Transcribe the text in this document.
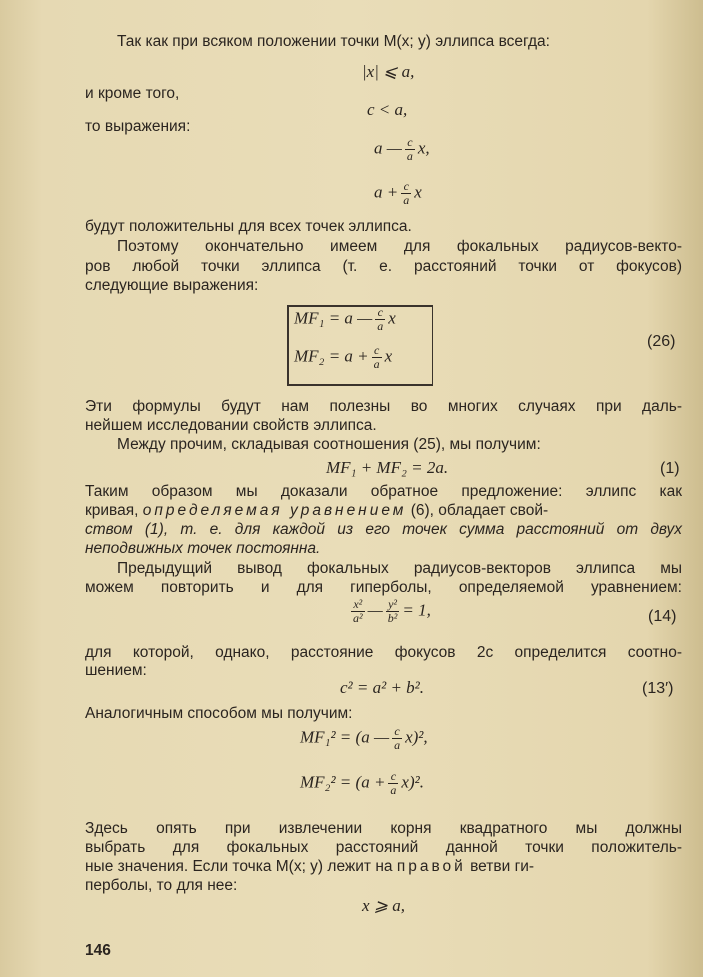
Так как при всяком положении точки М(x; y) эллипса всегда:
|x| ⩽ a,
и кроме того,
c < a,
то выражения:
a — $\frac{c}{a} x$,
$a + \frac{c}{a}$ x
будут положительны для всех точек эллипса.
Поэтому окончательно имеем для фокальных радиусов-векто-
ров любой точки эллипса (т. е. расстояний точки от фокусов)
следующие выражения:
MF₁ = a — $\frac{c}{a}$ x
$MF_2 = a + \frac{c}{a}$ x
(26)
Эти формулы будут нам полезны во многих случаях при даль-
нейшем исследовании свойств эллипса.
Между прочим, складывая соотношения (25), мы получим:
MF₁ + MF₂ = 2a.	(1)
Таким образом мы доказали обратное предложение: эллипс как
кривая, определяемая уравнением (6), обладает свой-
ством (1), т. е. для каждой из его точек сумма расстояний от двух
неподвижных точек постоянна.
Предыдущий вывод фокальных радиусов-векторов эллипса мы
можем повторить и для гиперболы, определяемой уравнением:
$\frac{\text{x²}}{\text{a²}}$ — $\frac{\text{y²}}{\text{b²}} = 1$,	(14)
для которой, однако, расстояние фокусов 2c определится соотно-
шением:
c² = a² + b².	(13′)
Аналогичным способом мы получим:
MF₁² = (a — $\frac{c}{a} x)^2$,
$MF_2^2 = (a + \frac{c}{a} x)^2$.
Здесь опять при извлечении корня квадратного мы должны
выбрать для фокальных расстояний данной точки положитель-
ные значения. Если точка М(x; y) лежит на правой ветви ги-
перболы, то для нее:
x ⩾ a,
146
